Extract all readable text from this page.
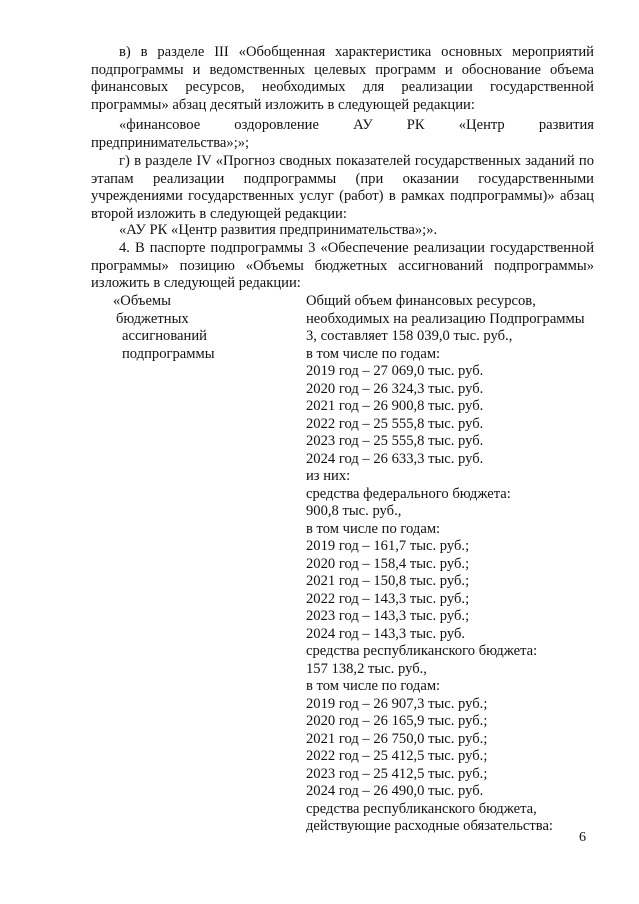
в) в разделе III «Обобщенная характеристика основных мероприятий подпрограммы и ведомственных целевых программ и обоснование объема финансовых ресурсов, необходимых для реализации государственной программы» абзац десятый изложить в следующей редакции:
«финансовое оздоровление АУ РК «Центр развития
предпринимательства»;»;
г) в разделе IV «Прогноз сводных показателей государственных заданий по этапам реализации подпрограммы (при оказании государственными учреждениями государственных услуг (работ) в рамках подпрограммы)» абзац второй изложить в следующей редакции:
«АУ РК «Центр развития предпринимательства»;».
4. В паспорте подпрограммы 3 «Обеспечение реализации государственной программы» позицию «Объемы бюджетных ассигнований подпрограммы» изложить в следующей редакции:
«Объемы
бюджетных
ассигнований
подпрограммы
Общий объем финансовых ресурсов,
необходимых на реализацию Подпрограммы
3, составляет 158 039,0 тыс. руб.,
в том числе по годам:
2019 год – 27 069,0 тыс. руб.
2020 год – 26 324,3 тыс. руб.
2021 год – 26 900,8 тыс. руб.
2022 год – 25 555,8 тыс. руб.
2023 год – 25 555,8 тыс. руб.
2024 год – 26 633,3 тыс. руб.
из них:
средства федерального бюджета:
900,8 тыс. руб.,
в том числе по годам:
2019 год – 161,7 тыс. руб.;
2020 год – 158,4 тыс. руб.;
2021 год – 150,8 тыс. руб.;
2022 год – 143,3 тыс. руб.;
2023 год – 143,3 тыс. руб.;
2024 год – 143,3 тыс. руб.
средства республиканского бюджета:
157 138,2 тыс. руб.,
в том числе по годам:
2019 год – 26 907,3 тыс. руб.;
2020 год – 26 165,9 тыс. руб.;
2021 год – 26 750,0 тыс. руб.;
2022 год – 25 412,5 тыс. руб.;
2023 год – 25 412,5 тыс. руб.;
2024 год – 26 490,0 тыс. руб.
средства республиканского бюджета,
действующие расходные обязательства:
6
